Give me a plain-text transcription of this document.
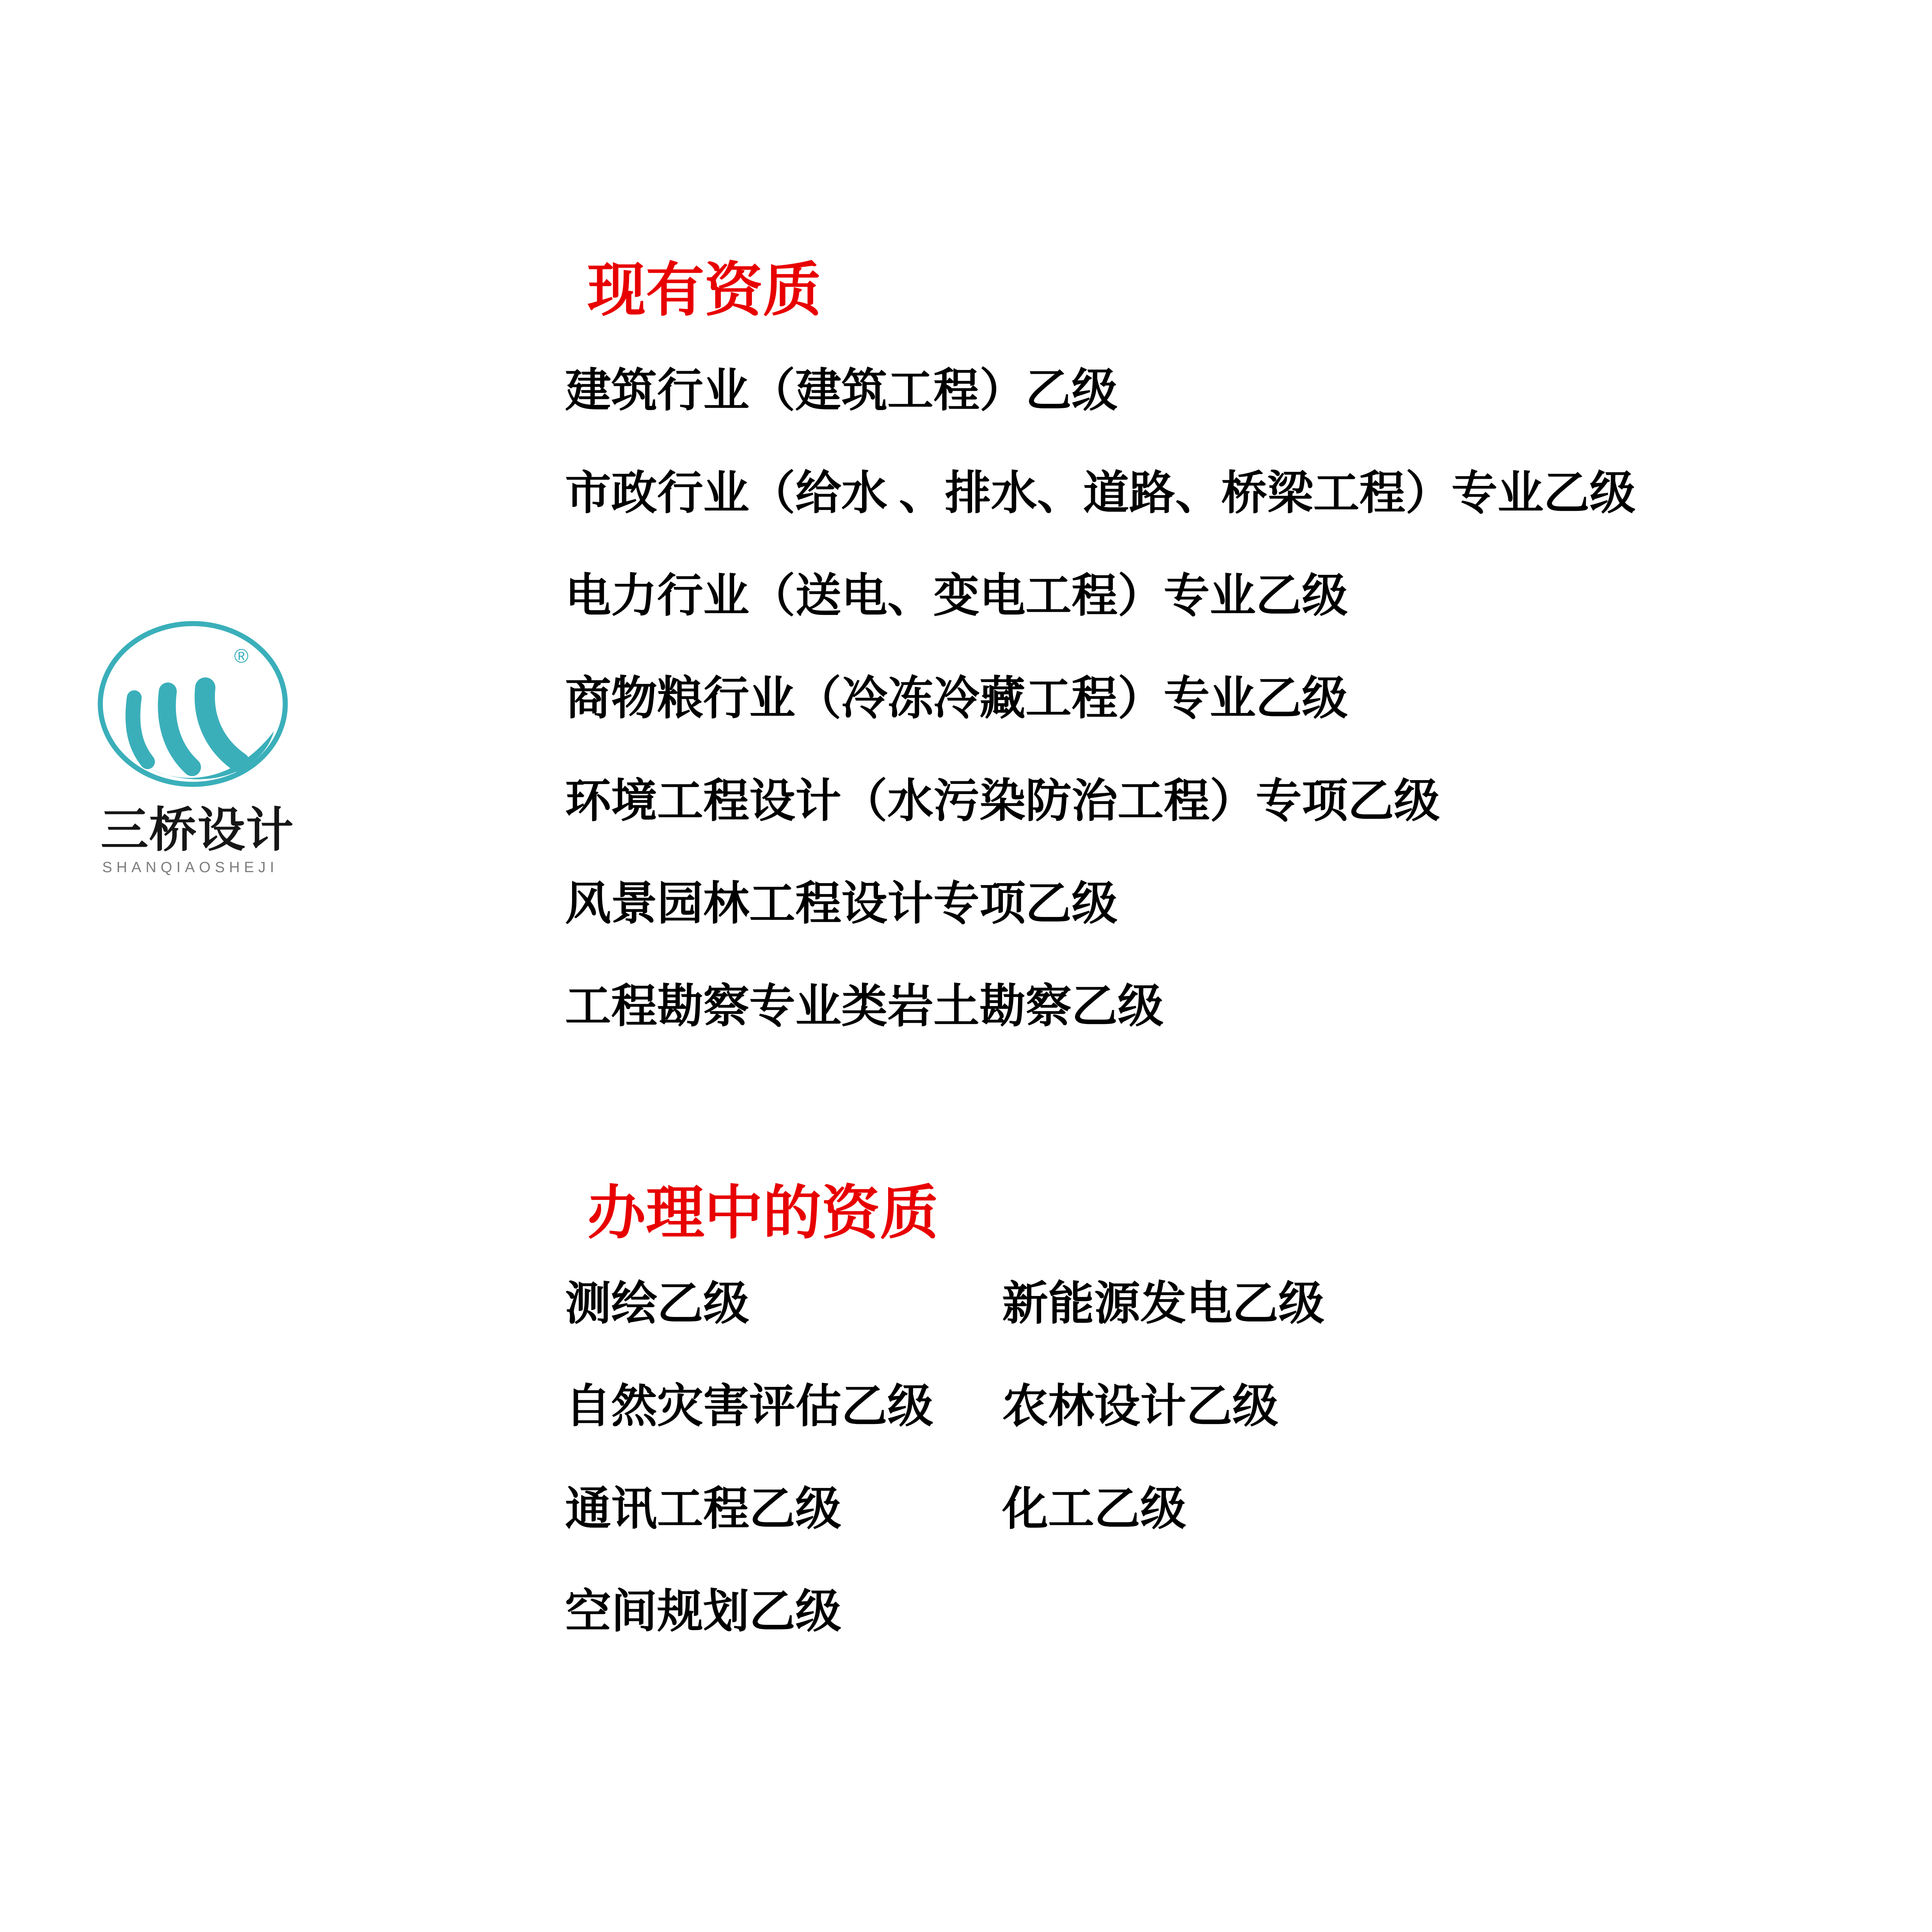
®
三桥设计
SHANQIAOSHEJI
现有资质
建筑行业（建筑工程）乙级
市政行业（给水 、排水、道路、桥梁工程）专业乙级
电力行业（送电、变电工程）专业乙级
商物粮行业（冷冻冷藏工程）专业乙级
环境工程设计（水污染防治工程）专项乙级
风景园林工程设计专项乙级
工程勘察专业类岩土勘察乙级
办理中的资质
测绘乙级	新能源发电乙级
自然灾害评估乙级	农林设计乙级
通讯工程乙级	化工乙级
空间规划乙级
